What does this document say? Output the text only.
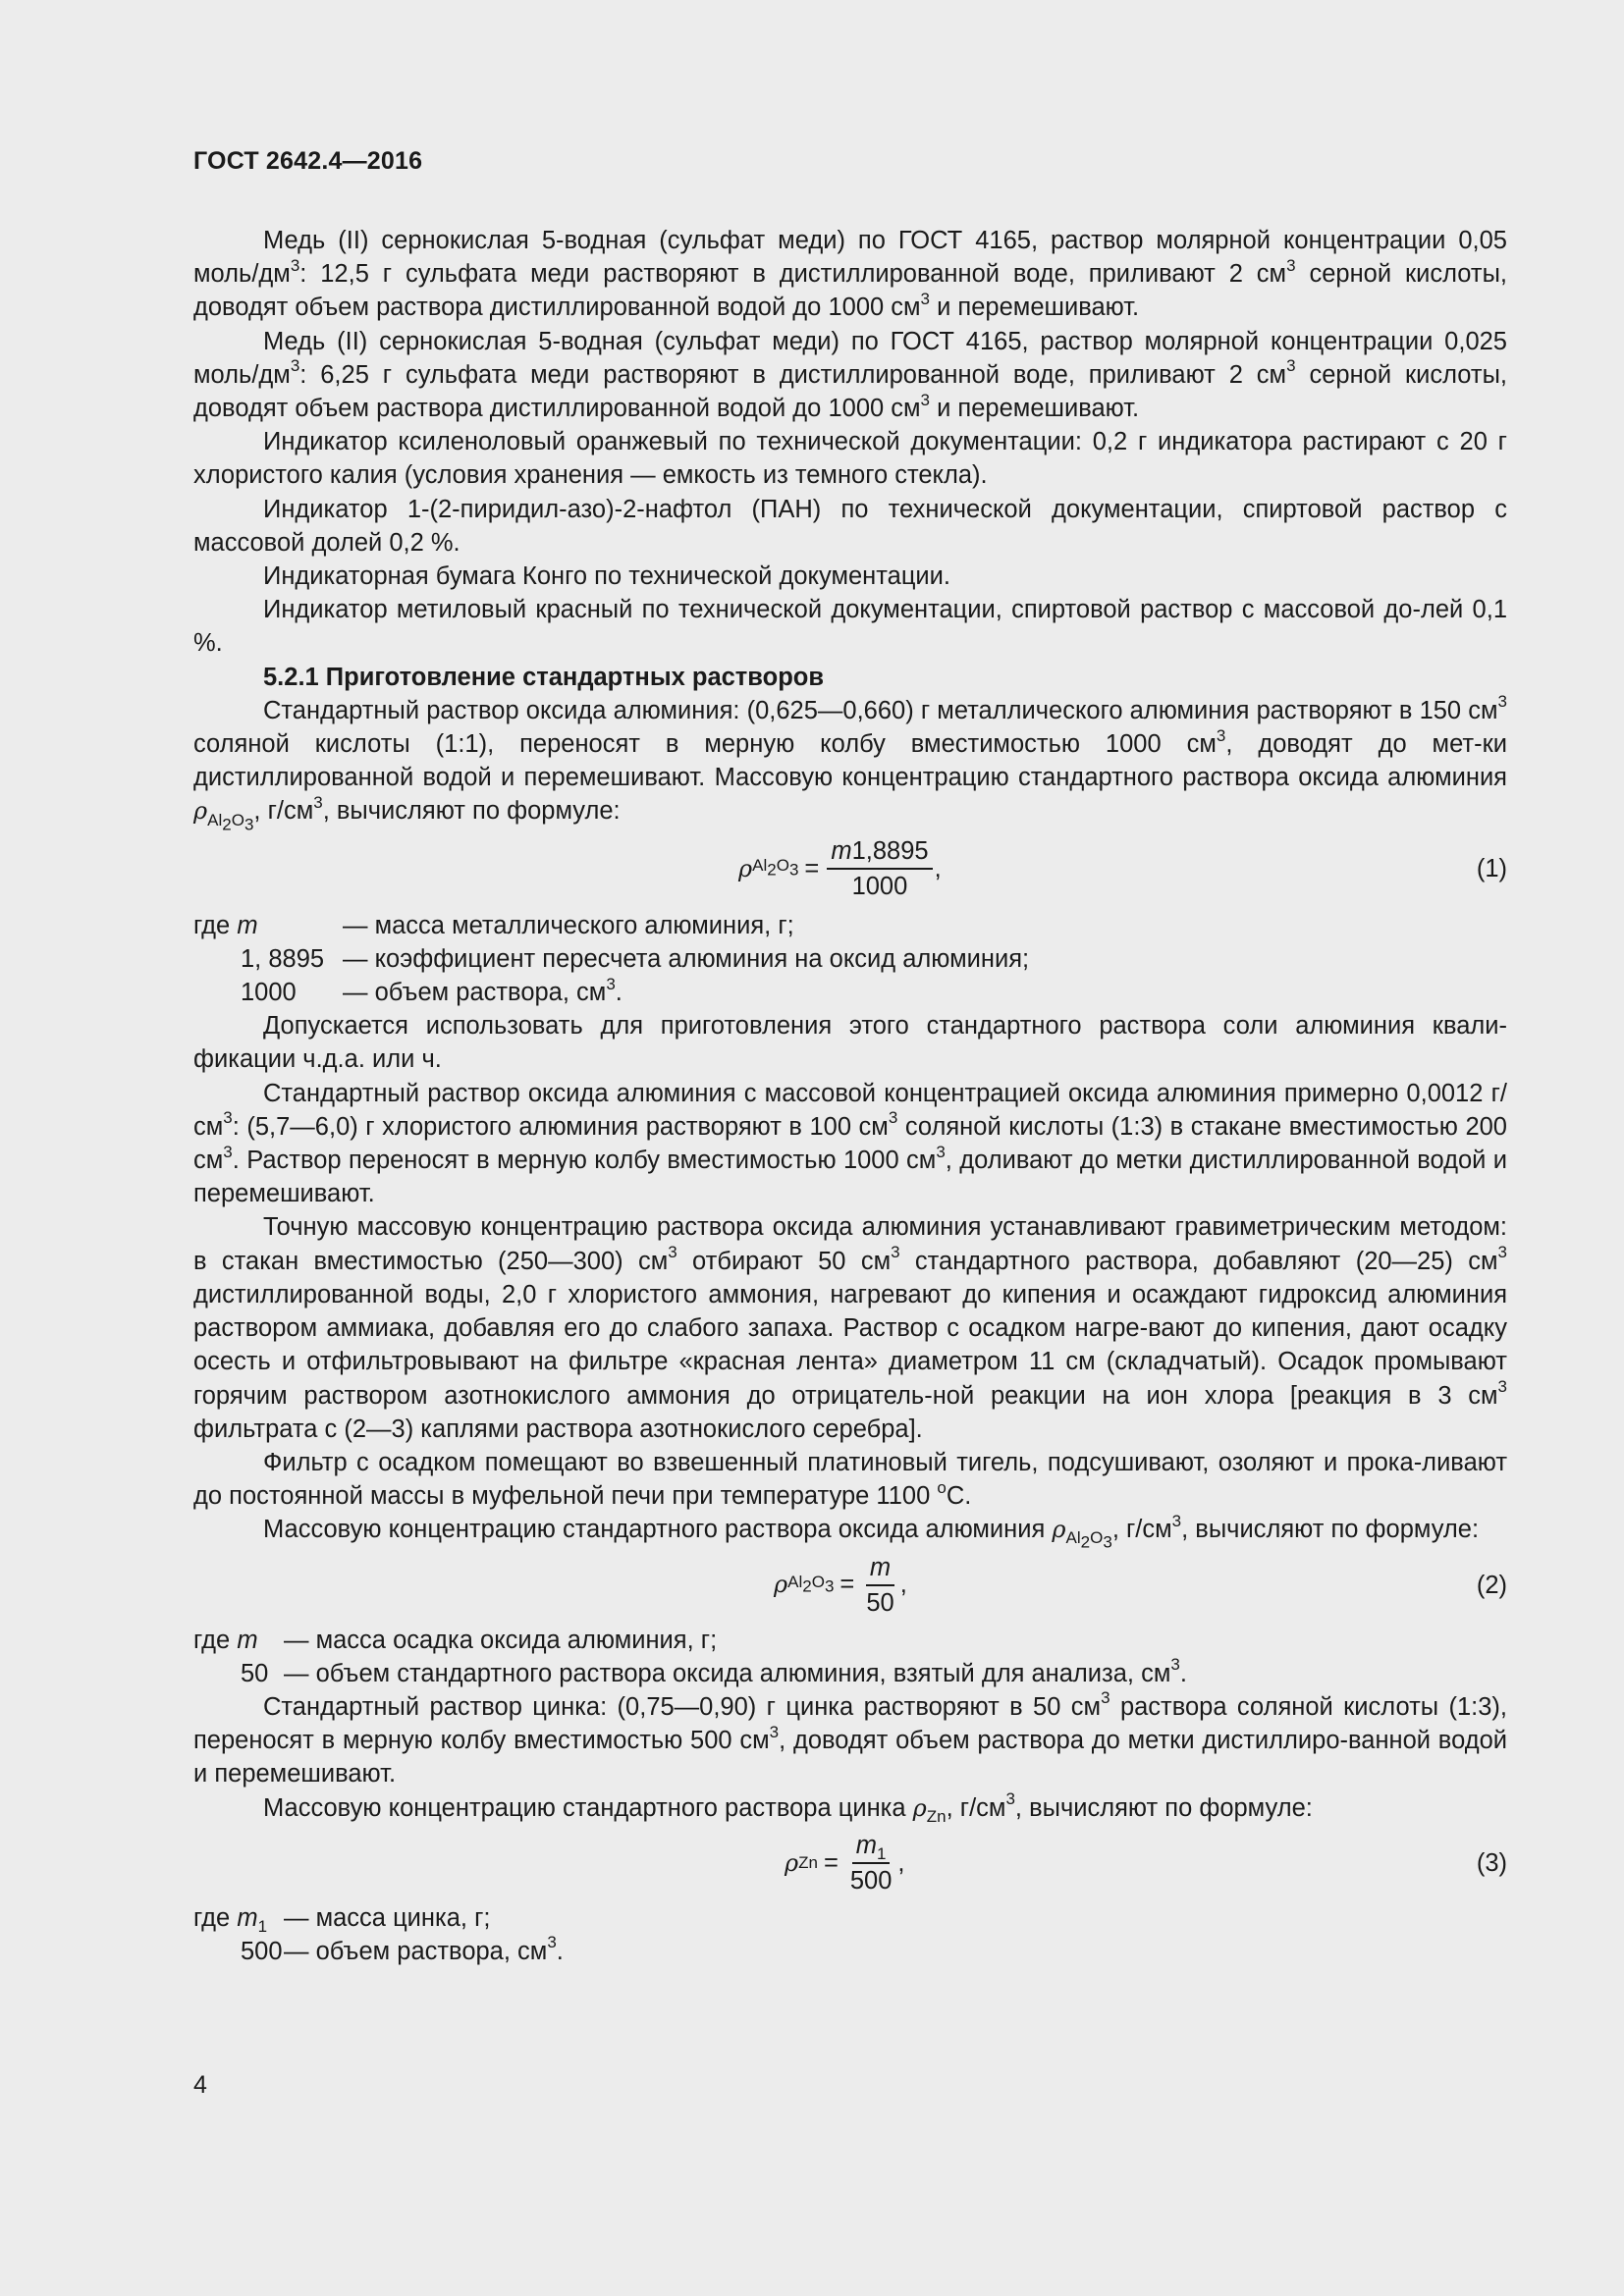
ГОСТ 2642.4—2016

Медь (II) сернокислая 5-водная (сульфат меди) по ГОСТ 4165, раствор молярной концентрации 0,05 моль/$дм^3$: 12,5 г сульфата меди растворяют в дистиллированной воде, приливают 2 $см^3$ серной кислоты, доводят объем раствора дистиллированной водой до 1000 $см^3$ и перемешивают.

Медь (II) сернокислая 5-водная (сульфат меди) по ГОСТ 4165, раствор молярной концентрации 0,025 моль/$дм^3$: 6,25 г сульфата меди растворяют в дистиллированной воде, приливают 2 $см^3$ серной кислоты, доводят объем раствора дистиллированной водой до 1000 $см^3$ и перемешивают.

Индикатор ксиленоловый оранжевый по технической документации: 0,2 г индикатора растирают с 20 г хлористого калия (условия хранения — емкость из темного стекла).

Индикатор 1-(2-пиридил-азо)-2-нафтол (ПАН) по технической документации, спиртовой раствор с массовой долей 0,2 %.

Индикаторная бумага Конго по технической документации.

Индикатор метиловый красный по технической документации, спиртовой раствор с массовой до-лей 0,1 %.

5.2.1 Приготовление стандартных растворов

Стандартный раствор оксида алюминия: (0,625—0,660) г металлического алюминия растворяют в 150 $см^3$ соляной кислоты (1:1), переносят в мерную колбу вместимостью 1000 $см^3$, доводят до мет-ки дистиллированной водой и перемешивают. Массовую концентрацию стандартного раствора оксида алюминия $\rho_{Al_2O_3}$, $г/см^3$, вычисляют по формуле:

ρ $Al_2O_3 = \frac{m1,8895}{1000}$ ,	(1)
где m	— масса металлического алюминия, г;
1, 8895 — коэффициент пересчета алюминия на оксид алюминия;
1000	— объем раствора, $см^3$.

Допускается использовать для приготовления этого стандартного раствора соли алюминия квали-фикации ч.д.а. или ч.

Стандартный раствор оксида алюминия с массовой концентрацией оксида алюминия примерно 0,0012 $г/см^3$: (5,7—6,0) г хлористого алюминия растворяют в 100 $см^3$ соляной кислоты (1:3) в стакане вместимостью 200 $см^3$. Раствор переносят в мерную колбу вместимостью 1000 $см^3$, доливают до метки дистиллированной водой и перемешивают.

Точную массовую концентрацию раствора оксида алюминия устанавливают гравиметрическим методом: в стакан вместимостью (250—300) $см^3$ отбирают 50 $см^3$ стандартного раствора, добавляют (20—25) $см^3$ дистиллированной воды, 2,0 г хлористого аммония, нагревают до кипения и осаждают гидроксид алюминия раствором аммиака, добавляя его до слабого запаха. Раствор с осадком нагре-вают до кипения, дают осадку осесть и отфильтровывают на фильтре «красная лента» диаметром 11 см (складчатый). Осадок промывают горячим раствором азотнокислого аммония до отрицатель-ной реакции на ион хлора [реакция в 3 $см^3$ фильтрата с (2—3) каплями раствора азотнокислого серебра].

Фильтр с осадком помещают во взвешенный платиновый тигель, подсушивают, озоляют и прока-ливают до постоянной массы в муфельной печи при температуре 1100 $^o$С.

Массовую концентрацию стандартного раствора оксида алюминия $\rho_{Al_2O_3}$, $г/см^3$, вычисляют по формуле:

ρ $Al_2O_3 = \frac{m}{50}$ ,	(2)
где m	— масса осадка оксида алюминия, г;
50 — объем стандартного раствора оксида алюминия, взятый для анализа, $см^3$.

Стандартный раствор цинка: (0,75—0,90) г цинка растворяют в 50 $см^3$ раствора соляной кислоты (1:3), переносят в мерную колбу вместимостью 500 $см^3$, доводят объем раствора до метки дистиллиро-ванной водой и перемешивают.

Массовую концентрацию стандартного раствора цинка $\rho_{Zn}$, $г/см^3$, вычисляют по формуле:

ρ $Zn = \frac{m_1}{500}$ ,	(3)
где $m_1$ — масса цинка, г;
500 — объем раствора, $см^3$.
4
